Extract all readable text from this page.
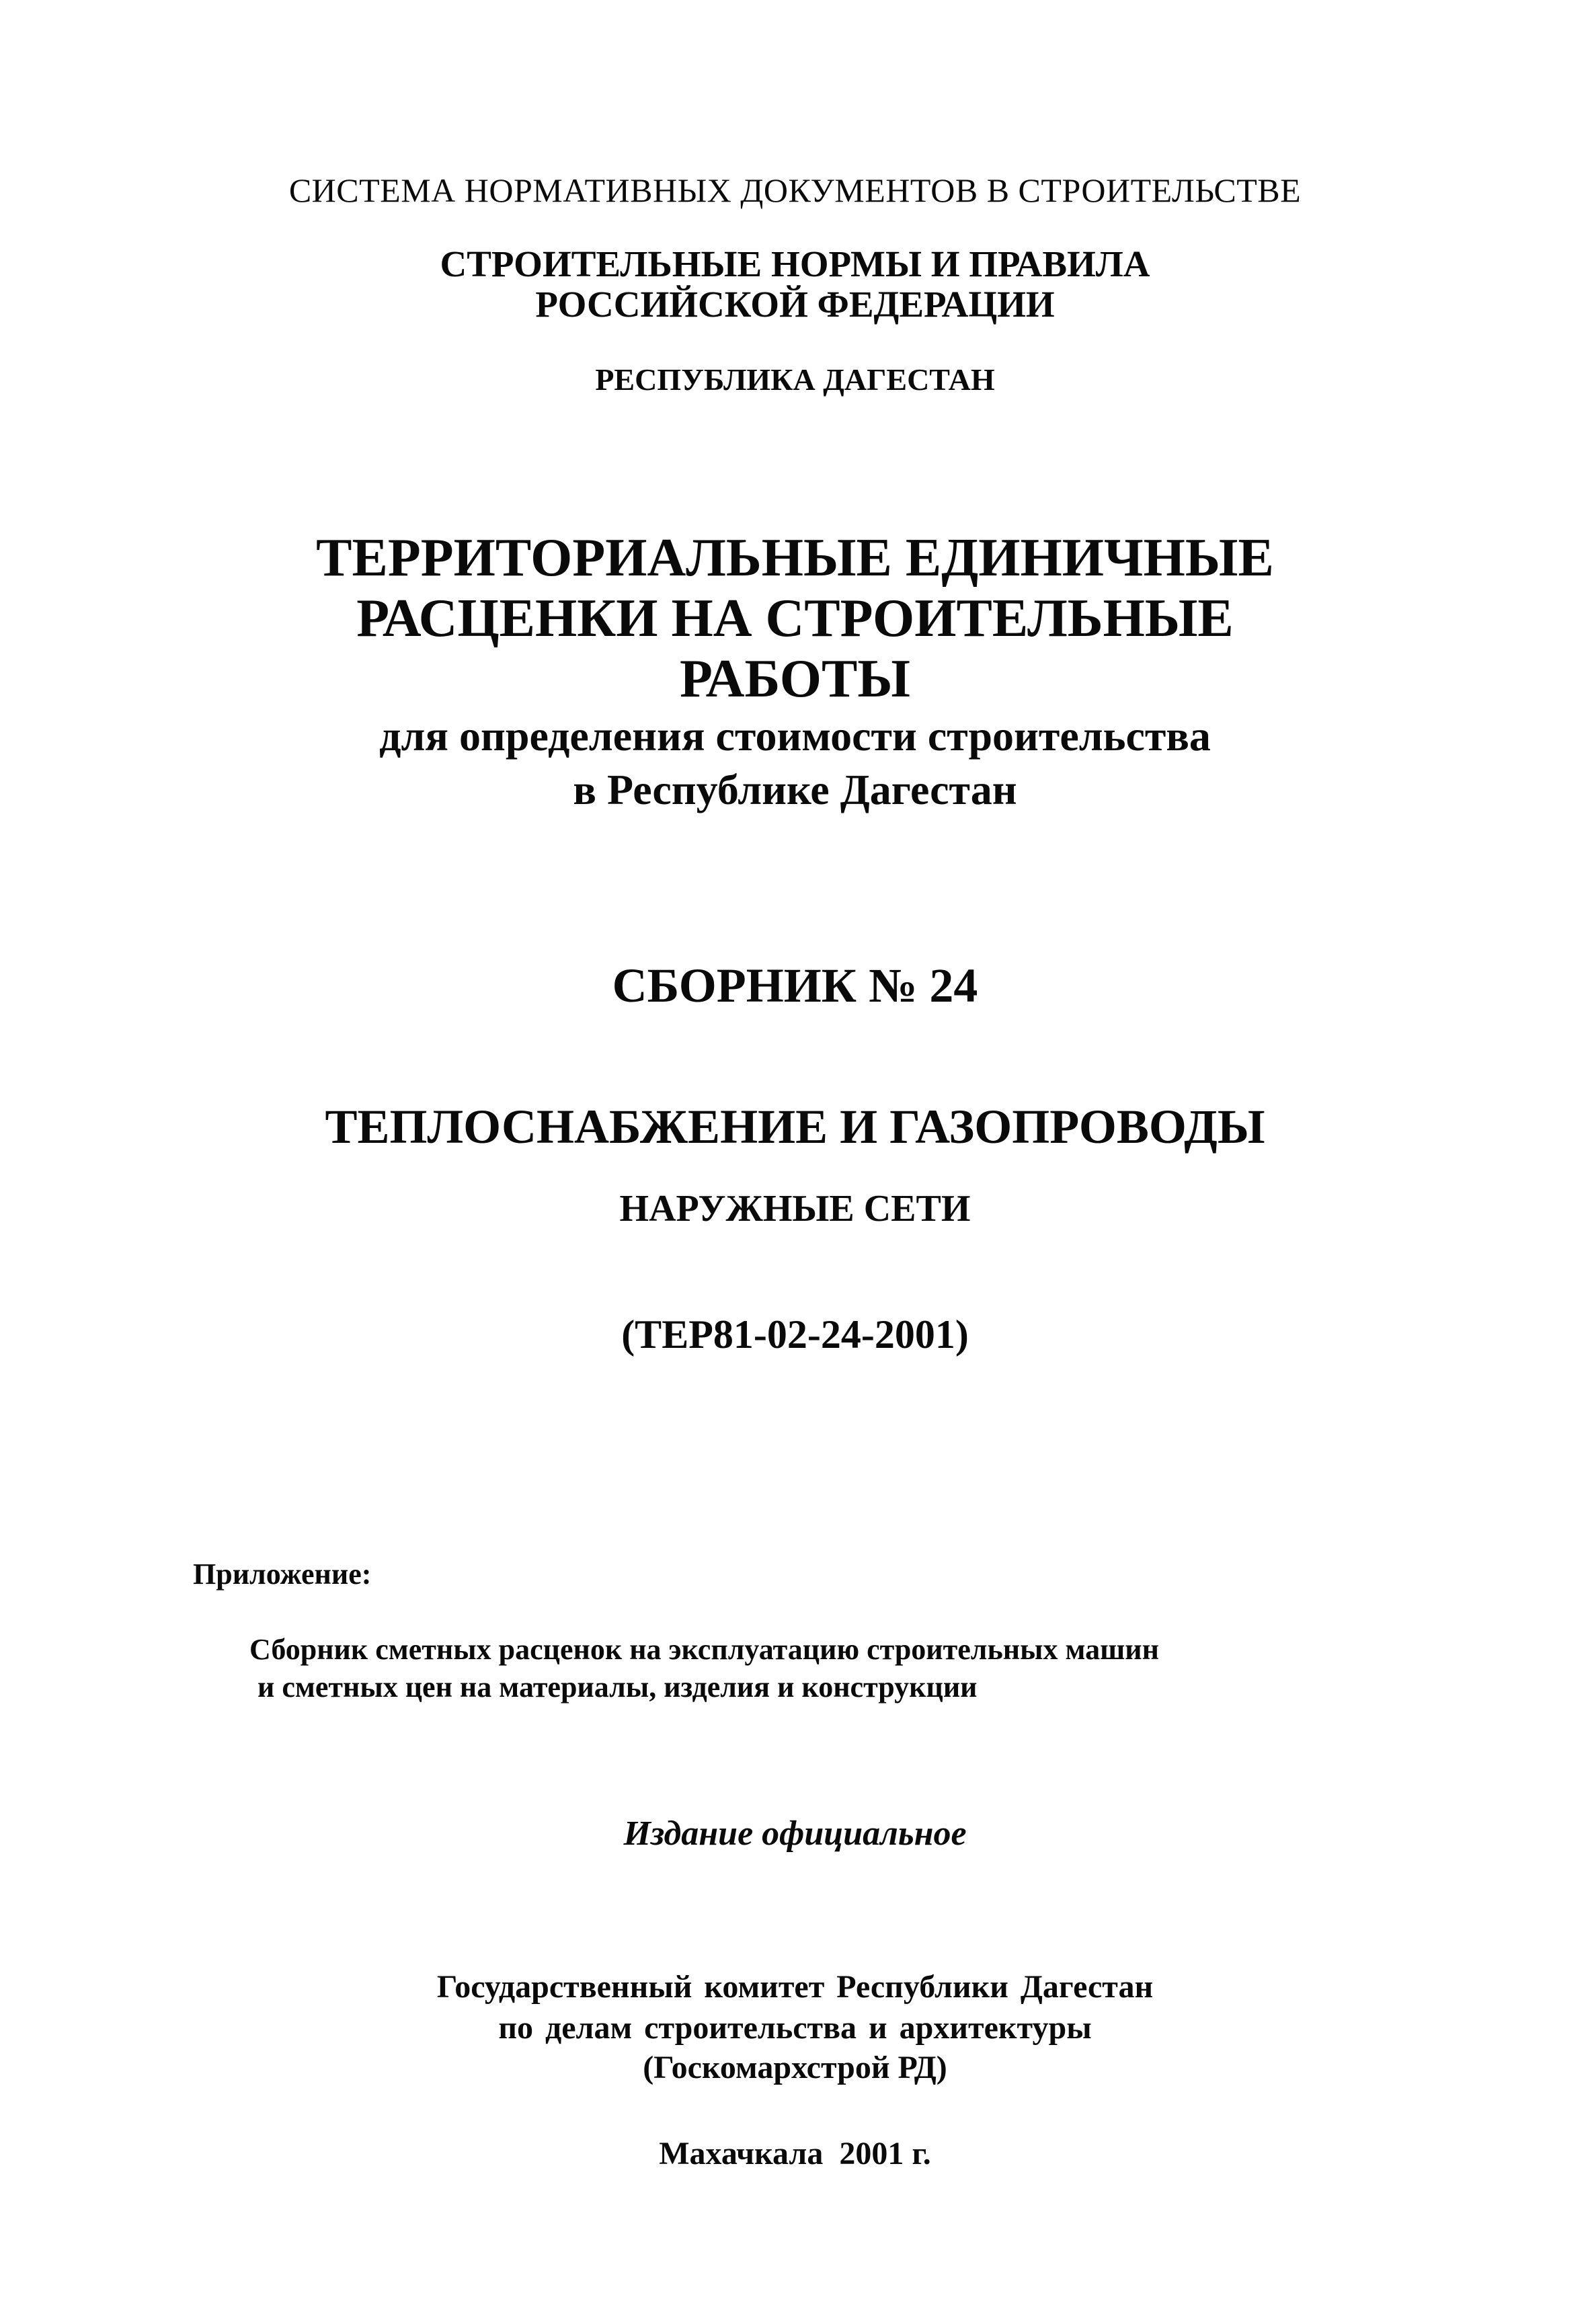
СИСТЕМА НОРМАТИВНЫХ ДОКУМЕНТОВ В СТРОИТЕЛЬСТВЕ
СТРОИТЕЛЬНЫЕ НОРМЫ И ПРАВИЛА
РОССИЙСКОЙ ФЕДЕРАЦИИ
РЕСПУБЛИКА ДАГЕСТАН
ТЕРРИТОРИАЛЬНЫЕ ЕДИНИЧНЫЕ
РАСЦЕНКИ НА СТРОИТЕЛЬНЫЕ
РАБОТЫ
для определения стоимости строительства
в Республике Дагестан
СБОРНИК № 24
ТЕПЛОСНАБЖЕНИЕ И ГАЗОПРОВОДЫ
НАРУЖНЫЕ СЕТИ
(ТЕР81-02-24-2001)
Приложение:
Сборник сметных расценок на эксплуатацию строительных машин
и сметных цен на материалы, изделия и конструкции
Издание официальное
Государственный комитет Республики Дагестан
по делам строительства и архитектуры
(Госкомархстрой РД)
Махачкала  2001 г.
